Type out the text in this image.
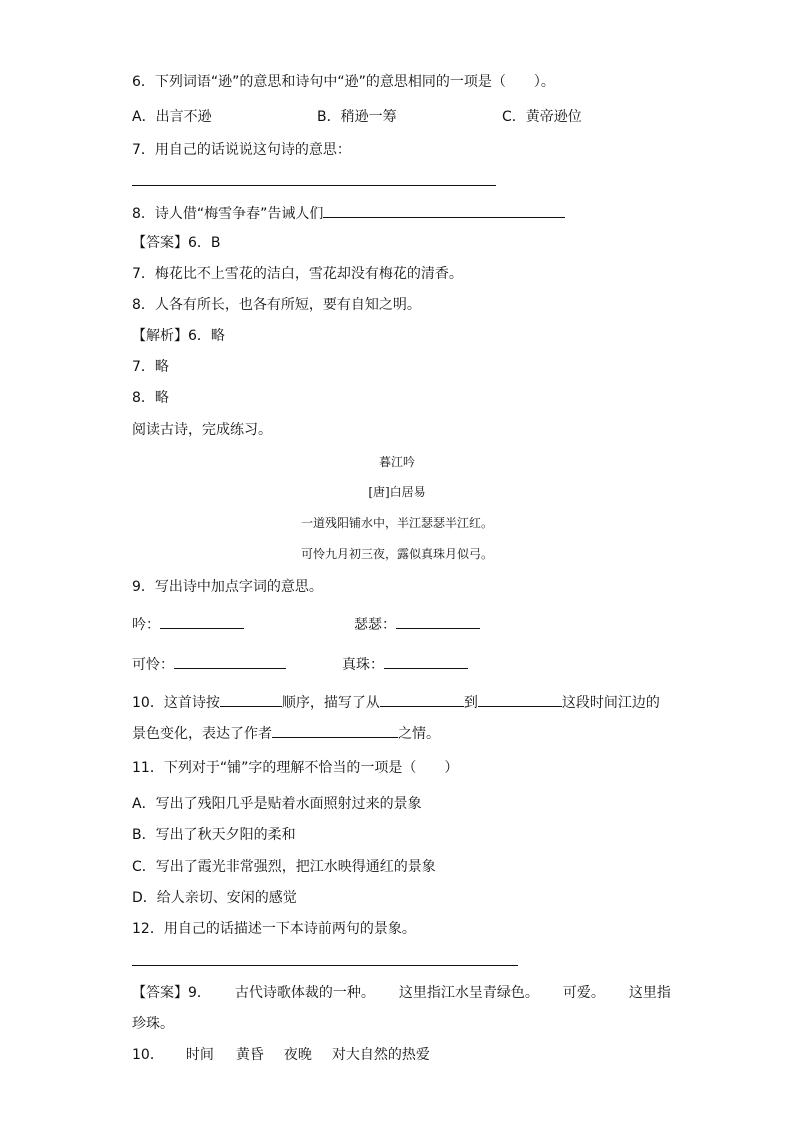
6．下列词语“逊”的意思和诗句中“逊”的意思相同的一项是（　　）。
A．出言不逊	B．稍逊一筹	C．黄帝逊位
7．用自己的话说说这句诗的意思：
8．诗人借“梅雪争春”告诫人们
【答案】6．B
7．梅花比不上雪花的洁白，雪花却没有梅花的清香。
8．人各有所长，也各有所短，要有自知之明。
【解析】6．略
7．略
8．略
阅读古诗，完成练习。
暮江吟
[唐]白居易
一道残阳铺水中，半江瑟瑟半江红。
可怜九月初三夜，露似真珠月似弓。
9．写出诗中加点字词的意思。
吟：	瑟瑟：
可怜：	真珠：
10．这首诗按	顺序，描写了从	到	这段时间江边的
景色变化，表达了作者	之情。
11．下列对于“铺”字的理解不恰当的一项是（　　）
A．写出了残阳几乎是贴着水面照射过来的景象
B．写出了秋天夕阳的柔和
C．写出了霞光非常强烈，把江水映得通红的景象
D．给人亲切、安闲的感觉
12．用自己的话描述一下本诗前两句的景象。
【答案】9． 古代诗歌体裁的一种。 这里指江水呈青绿色。 可爱。 这里指
珍珠。
10． 时间 黄昏 夜晚 对大自然的热爱
